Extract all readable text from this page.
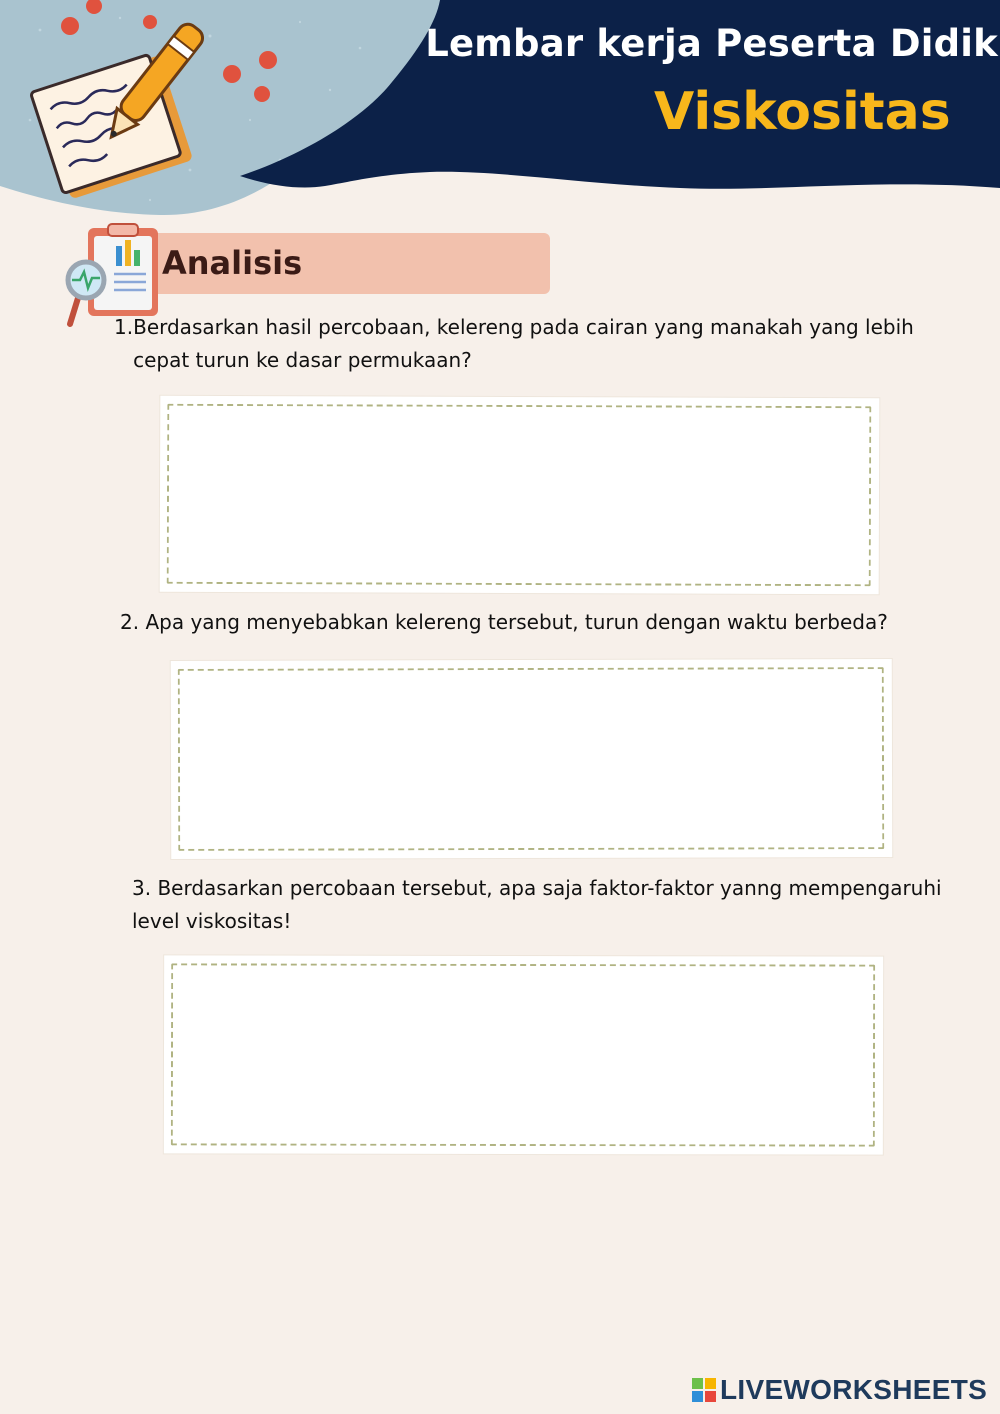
Lembar kerja Peserta Didik
Viskositas
Analisis
1.Berdasarkan hasil percobaan, kelereng pada cairan yang manakah yang lebih cepat turun ke dasar permukaan?
2. Apa yang menyebabkan kelereng tersebut, turun dengan waktu berbeda?
3. Berdasarkan percobaan tersebut, apa saja faktor-faktor yanng mempengaruhi level viskositas!
LIVEWORKSHEETS
